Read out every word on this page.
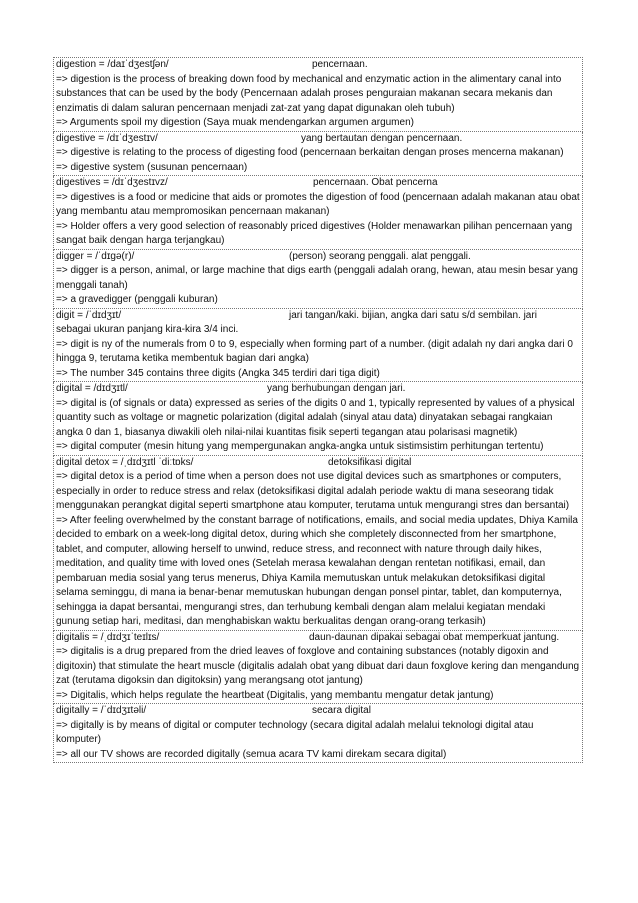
digestion = /daɪˈdʒestʃən/	pencernaan.
=> digestion is the process of breaking down food by mechanical and enzymatic action in the alimentary canal into substances that can be used by the body (Pencernaan adalah proses penguraian makanan secara mekanis dan enzimatis di dalam saluran pencernaan menjadi zat-zat yang dapat digunakan oleh tubuh)
=> Arguments spoil my digestion (Saya muak mendengarkan argumen argumen)
digestive = /dɪˈdʒestɪv/	yang bertautan dengan pencernaan.
=> digestive is relating to the process of digesting food (pencernaan berkaitan dengan proses mencerna makanan)
=> digestive system (susunan pencernaan)
digestives = /dɪˈdʒestɪvz/	pencernaan. Obat pencerna
=> digestives is a food or medicine that aids or promotes the digestion of food (pencernaan adalah makanan atau obat yang membantu atau mempromosikan pencernaan makanan)
=> Holder offers a very good selection of reasonably priced digestives (Holder menawarkan pilihan pencernaan yang sangat baik dengan harga terjangkau)
digger = /ˈdɪɡə(r)/	(person) seorang penggali. alat penggali.
=> digger is a person, animal, or large machine that digs earth (penggali adalah orang, hewan, atau mesin besar yang menggali tanah)
=> a gravedigger (penggali kuburan)
digit = /ˈdɪdʒɪt/	jari tangan/kaki. bijian, angka dari satu s/d sembilan. jari
sebagai ukuran panjang kira-kira 3/4 inci.
=> digit is ny of the numerals from 0 to 9, especially when forming part of a number. (digit adalah ny dari angka dari 0 hingga 9, terutama ketika membentuk bagian dari angka)
=> The number 345 contains three digits (Angka 345 terdiri dari tiga digit)
digital = /dɪdʒɪtl/	yang berhubungan dengan jari.
=> digital is (of signals or data) expressed as series of the digits 0 and 1, typically represented by values of a physical quantity such as voltage or magnetic polarization (digital adalah (sinyal atau data) dinyatakan sebagai rangkaian angka 0 dan 1, biasanya diwakili oleh nilai-nilai kuantitas fisik seperti tegangan atau polarisasi magnetik)
=> digital computer (mesin hitung yang mempergunakan angka-angka untuk sistimsistim perhitungan tertentu)
digital detox = /ˌdɪdʒɪtl ˈdiːtɒks/	detoksifikasi digital
=> digital detox is a period of time when a person does not use digital devices such as smartphones or computers, especially in order to reduce stress and relax (detoksifikasi digital adalah periode waktu di mana seseorang tidak menggunakan perangkat digital seperti smartphone atau komputer, terutama untuk mengurangi stres dan bersantai)
=> After feeling overwhelmed by the constant barrage of notifications, emails, and social media updates, Dhiya Kamila decided to embark on a week-long digital detox, during which she completely disconnected from her smartphone, tablet, and computer, allowing herself to unwind, reduce stress, and reconnect with nature through daily hikes, meditation, and quality time with loved ones (Setelah merasa kewalahan dengan rentetan notifikasi, email, dan pembaruan media sosial yang terus menerus, Dhiya Kamila memutuskan untuk melakukan detoksifikasi digital selama seminggu, di mana ia benar-benar memutuskan hubungan dengan ponsel pintar, tablet, dan komputernya, sehingga ia dapat bersantai, mengurangi stres, dan terhubung kembali dengan alam melalui kegiatan mendaki gunung setiap hari, meditasi, dan menghabiskan waktu berkualitas dengan orang-orang terkasih)
digitalis = /ˌdɪdʒɪˈteɪlɪs/	daun-daunan dipakai sebagai obat memperkuat jantung.
=> digitalis is a drug prepared from the dried leaves of foxglove and containing substances (notably digoxin and digitoxin) that stimulate the heart muscle (digitalis adalah obat yang dibuat dari daun foxglove kering dan mengandung zat (terutama digoksin dan digitoksin) yang merangsang otot jantung)
=> Digitalis, which helps regulate the heartbeat (Digitalis, yang membantu mengatur detak jantung)
digitally = /ˈdɪdʒɪtəli/	secara digital
=> digitally is by means of digital or computer technology (secara digital adalah melalui teknologi digital atau komputer)
=> all our TV shows are recorded digitally (semua acara TV kami direkam secara digital)
